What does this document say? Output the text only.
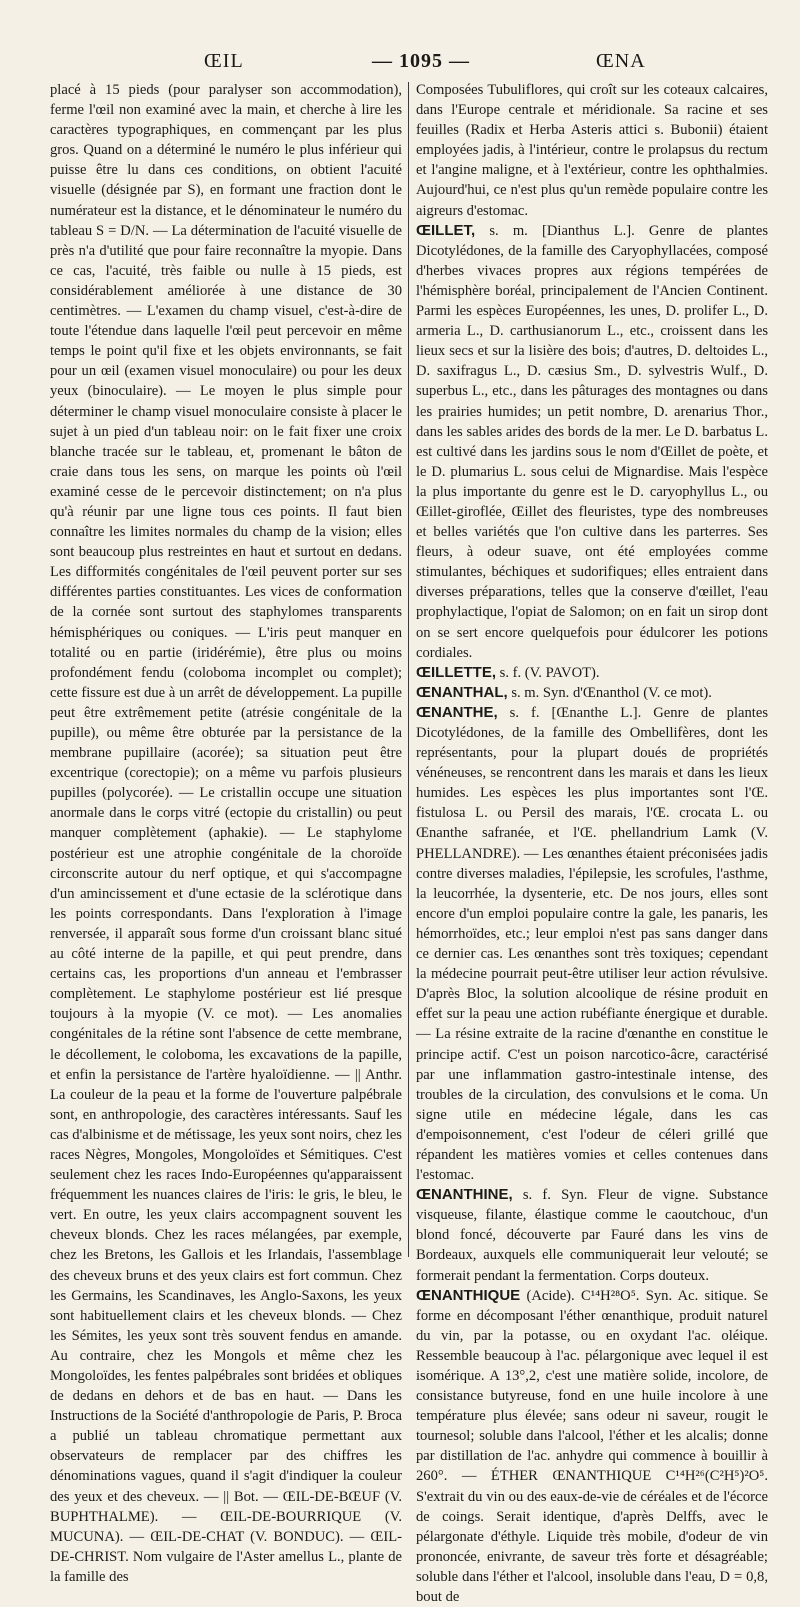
ŒIL	— 1095 —	ŒNA

placé à 15 pieds (pour paralyser son accommodation), ferme l'œil non examiné avec la main, et cherche à lire les caractères typographiques, en commençant par les plus gros. Quand on a déterminé le numéro le plus inférieur qui puisse être lu dans ces conditions, on obtient l'acuité visuelle (désignée par S), en formant une fraction dont le numérateur est la distance, et le dénominateur le numéro du tableau S = D/N. — La détermination de l'acuité visuelle de près n'a d'utilité que pour faire reconnaître la myopie. Dans ce cas, l'acuité, très faible ou nulle à 15 pieds, est considérablement améliorée à une distance de 30 centimètres. — L'examen du champ visuel, c'est-à-dire de toute l'étendue dans laquelle l'œil peut percevoir en même temps le point qu'il fixe et les objets environnants, se fait pour un œil (examen visuel monoculaire) ou pour les deux yeux (binoculaire). — Le moyen le plus simple pour déterminer le champ visuel monoculaire consiste à placer le sujet à un pied d'un tableau noir: on le fait fixer une croix blanche tracée sur le tableau, et, promenant le bâton de craie dans tous les sens, on marque les points où l'œil examiné cesse de le percevoir distinctement; on n'a plus qu'à réunir par une ligne tous ces points. Il faut bien connaître les limites normales du champ de la vision; elles sont beaucoup plus restreintes en haut et surtout en dedans. Les difformités congénitales de l'œil peuvent porter sur ses différentes parties constituantes. Les vices de conformation de la cornée sont surtout des staphylomes transparents hémisphériques ou coniques. — L'iris peut manquer en totalité ou en partie (iridérémie), être plus ou moins profondément fendu (coloboma incomplet ou complet); cette fissure est due à un arrêt de développement. La pupille peut être extrêmement petite (atrésie congénitale de la pupille), ou même être obturée par la persistance de la membrane pupillaire (acorée); sa situation peut être excentrique (corectopie); on a même vu parfois plusieurs pupilles (polycorée). — Le cristallin occupe une situation anormale dans le corps vitré (ectopie du cristallin) ou peut manquer complètement (aphakie). — Le staphylome postérieur est une atrophie congénitale de la choroïde circonscrite autour du nerf optique, et qui s'accompagne d'un amincissement et d'une ectasie de la sclérotique dans les points correspondants. Dans l'exploration à l'image renversée, il apparaît sous forme d'un croissant blanc situé au côté interne de la papille, et qui peut prendre, dans certains cas, les proportions d'un anneau et l'embrasser complètement. Le staphylome postérieur est lié presque toujours à la myopie (V. ce mot). — Les anomalies congénitales de la rétine sont l'absence de cette membrane, le décollement, le coloboma, les excavations de la papille, et enfin la persistance de l'artère hyaloïdienne. — || Anthr. La couleur de la peau et la forme de l'ouverture palpébrale sont, en anthropologie, des caractères intéressants. Sauf les cas d'albinisme et de métissage, les yeux sont noirs, chez les races Nègres, Mongoles, Mongoloïdes et Sémitiques. C'est seulement chez les races Indo-Européennes qu'apparaissent fréquemment les nuances claires de l'iris: le gris, le bleu, le vert. En outre, les yeux clairs accompagnent souvent les cheveux blonds. Chez les races mélangées, par exemple, chez les Bretons, les Gallois et les Irlandais, l'assemblage des cheveux bruns et des yeux clairs est fort commun. Chez les Germains, les Scandinaves, les Anglo-Saxons, les yeux sont habituellement clairs et les cheveux blonds. — Chez les Sémites, les yeux sont très souvent fendus en amande. Au contraire, chez les Mongols et même chez les Mongoloïdes, les fentes palpébrales sont bridées et obliques de dedans en dehors et de bas en haut. — Dans les Instructions de la Société d'anthropologie de Paris, P. Broca a publié un tableau chromatique permettant aux observateurs de remplacer par des chiffres les dénominations vagues, quand il s'agit d'indiquer la couleur des yeux et des cheveux. — || Bot. — ŒIL-DE-BŒUF (V. BUPHTHALME). — ŒIL-DE-BOURRIQUE (V. MUCUNA). — ŒIL-DE-CHAT (V. BONDUC). — ŒIL-DE-CHRIST. Nom vulgaire de l'Aster amellus L., plante de la famille des

Composées Tubuliflores, qui croît sur les coteaux calcaires, dans l'Europe centrale et méridionale. Sa racine et ses feuilles (Radix et Herba Asteris attici s. Bubonii) étaient employées jadis, à l'intérieur, contre le prolapsus du rectum et l'angine maligne, et à l'extérieur, contre les ophthalmies. Aujourd'hui, ce n'est plus qu'un remède populaire contre les aigreurs d'estomac.

ŒILLET, s. m. [Dianthus L.]. Genre de plantes Dicotylédones, de la famille des Caryophyllacées, composé d'herbes vivaces propres aux régions tempérées de l'hémisphère boréal, principalement de l'Ancien Continent. Parmi les espèces Européennes, les unes, D. prolifer L., D. armeria L., D. carthusianorum L., etc., croissent dans les lieux secs et sur la lisière des bois; d'autres, D. deltoides L., D. saxifragus L., D. cæsius Sm., D. sylvestris Wulf., D. superbus L., etc., dans les pâturages des montagnes ou dans les prairies humides; un petit nombre, D. arenarius Thor., dans les sables arides des bords de la mer. Le D. barbatus L. est cultivé dans les jardins sous le nom d'Œillet de poète, et le D. plumarius L. sous celui de Mignardise. Mais l'espèce la plus importante du genre est le D. caryophyllus L., ou Œillet-giroflée, Œillet des fleuristes, type des nombreuses et belles variétés que l'on cultive dans les parterres. Ses fleurs, à odeur suave, ont été employées comme stimulantes, béchiques et sudorifiques; elles entraient dans diverses préparations, telles que la conserve d'œillet, l'eau prophylactique, l'opiat de Salomon; on en fait un sirop dont on se sert encore quelquefois pour édulcorer les potions cordiales.

ŒILLETTE, s. f. (V. PAVOT).

ŒNANTHAL, s. m. Syn. d'Œnanthol (V. ce mot).

ŒNANTHE, s. f. [Œnanthe L.]. Genre de plantes Dicotylédones, de la famille des Ombellifères, dont les représentants, pour la plupart doués de propriétés vénéneuses, se rencontrent dans les marais et dans les lieux humides. Les espèces les plus importantes sont l'Œ. fistulosa L. ou Persil des marais, l'Œ. crocata L. ou Œnanthe safranée, et l'Œ. phellandrium Lamk (V. PHELLANDRE). — Les œnanthes étaient préconisées jadis contre diverses maladies, l'épilepsie, les scrofules, l'asthme, la leucorrhée, la dysenterie, etc. De nos jours, elles sont encore d'un emploi populaire contre la gale, les panaris, les hémorrhoïdes, etc.; leur emploi n'est pas sans danger dans ce dernier cas. Les œnanthes sont très toxiques; cependant la médecine pourrait peut-être utiliser leur action révulsive. D'après Bloc, la solution alcoolique de résine produit en effet sur la peau une action rubéfiante énergique et durable. — La résine extraite de la racine d'œnanthe en constitue le principe actif. C'est un poison narcotico-âcre, caractérisé par une inflammation gastro-intestinale intense, des troubles de la circulation, des convulsions et le coma. Un signe utile en médecine légale, dans les cas d'empoisonnement, c'est l'odeur de céleri grillé que répandent les matières vomies et celles contenues dans l'estomac.

ŒNANTHINE, s. f. Syn. Fleur de vigne. Substance visqueuse, filante, élastique comme le caoutchouc, d'un blond foncé, découverte par Fauré dans les vins de Bordeaux, auxquels elle communiquerait leur velouté; se formerait pendant la fermentation. Corps douteux.

ŒNANTHIQUE (Acide). C¹⁴H²⁸O⁵. Syn. Ac. sitique. Se forme en décomposant l'éther œnanthique, produit naturel du vin, par la potasse, ou en oxydant l'ac. oléique. Ressemble beaucoup à l'ac. pélargonique avec lequel il est isomérique. A 13°,2, c'est une matière solide, incolore, de consistance butyreuse, fond en une huile incolore à une température plus élevée; sans odeur ni saveur, rougit le tournesol; soluble dans l'alcool, l'éther et les alcalis; donne par distillation de l'ac. anhydre qui commence à bouillir à 260°. — ÉTHER ŒNANTHIQUE C¹⁴H²⁶(C²H⁵)²O⁵. S'extrait du vin ou des eaux-de-vie de céréales et de l'écorce de coings. Serait identique, d'après Delffs, avec le pélargonate d'éthyle. Liquide très mobile, d'odeur de vin prononcée, enivrante, de saveur très forte et désagréable; soluble dans l'éther et l'alcool, insoluble dans l'eau, D = 0,8, bout de
